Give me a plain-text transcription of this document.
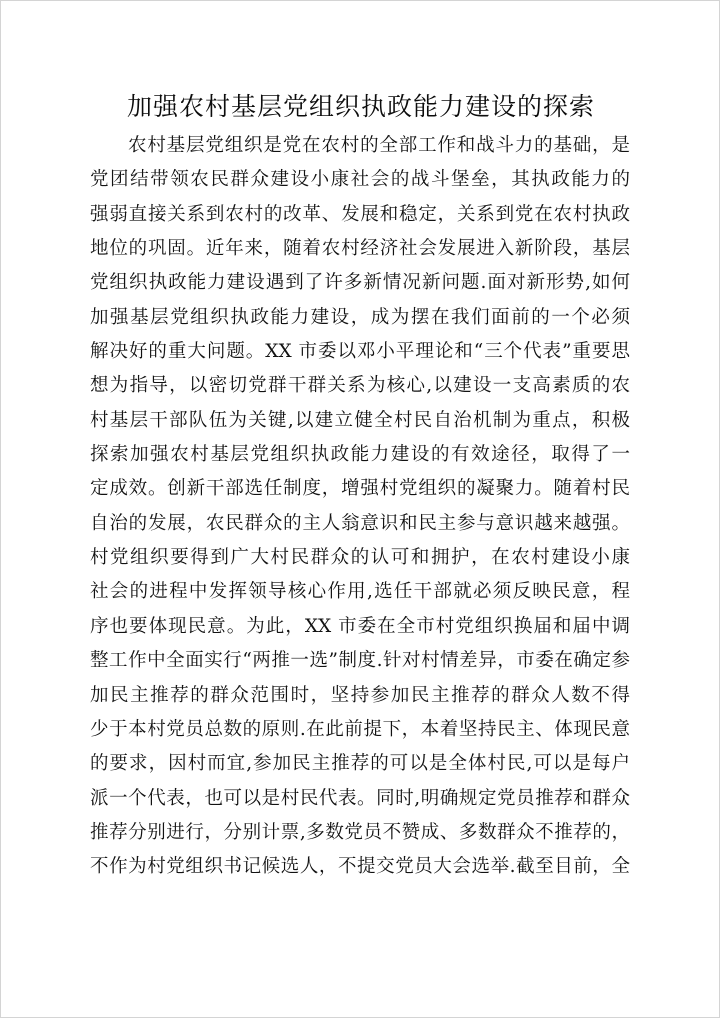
加强农村基层党组织执政能力建设的探索
农村基层党组织是党在农村的全部工作和战斗力的基础，是
党团结带领农民群众建设小康社会的战斗堡垒，其执政能力的
强弱直接关系到农村的改革、发展和稳定，关系到党在农村执政
地位的巩固。近年来，随着农村经济社会发展进入新阶段，基层
党组织执政能力建设遇到了许多新情况新问题.面对新形势,如何
加强基层党组织执政能力建设，成为摆在我们面前的一个必须
解决好的重大问题。XX 市委以邓小平理论和“三个代表”重要思
想为指导，以密切党群干群关系为核心,以建设一支高素质的农
村基层干部队伍为关键,以建立健全村民自治机制为重点，积极
探索加强农村基层党组织执政能力建设的有效途径，取得了一
定成效。创新干部选任制度，增强村党组织的凝聚力。随着村民
自治的发展，农民群众的主人翁意识和民主参与意识越来越强。
村党组织要得到广大村民群众的认可和拥护，在农村建设小康
社会的进程中发挥领导核心作用,选任干部就必须反映民意，程
序也要体现民意。为此，XX 市委在全市村党组织换届和届中调
整工作中全面实行“两推一选”制度.针对村情差异，市委在确定参
加民主推荐的群众范围时，坚持参加民主推荐的群众人数不得
少于本村党员总数的原则.在此前提下，本着坚持民主、体现民意
的要求，因村而宜,参加民主推荐的可以是全体村民,可以是每户
派一个代表，也可以是村民代表。同时,明确规定党员推荐和群众
推荐分别进行，分别计票,多数党员不赞成、多数群众不推荐的，
不作为村党组织书记候选人，不提交党员大会选举.截至目前，全
